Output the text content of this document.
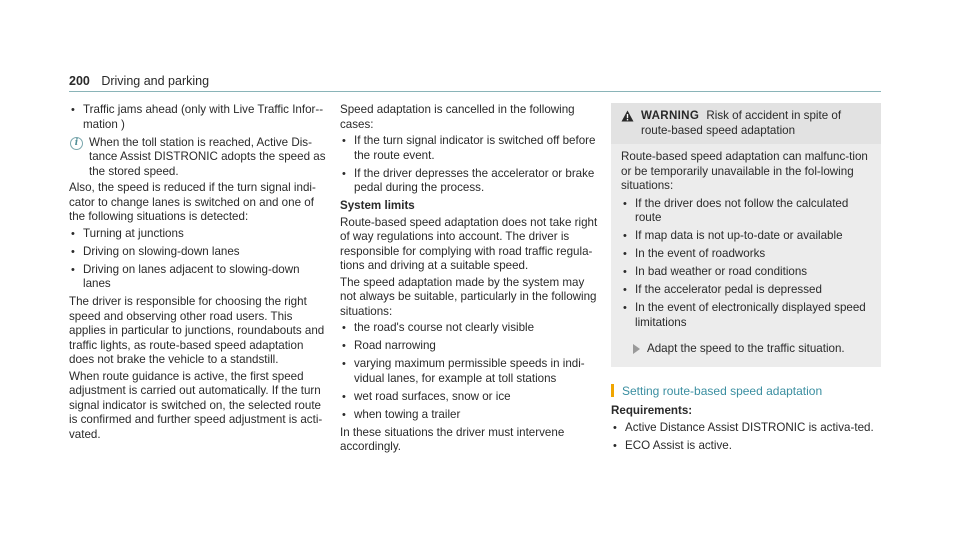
200 Driving and parking
• Traffic jams ahead (only with Live Traffic Infor-mation )
i When the toll station is reached, Active Dis-tance Assist DISTRONIC adopts the speed as the stored speed.

Also, the speed is reduced if the turn signal indi-cator to change lanes is switched on and one of the following situations is detected:

• Turning at junctions
• Driving on slowing-down lanes
• Driving on lanes adjacent to slowing-down lanes

The driver is responsible for choosing the right speed and observing other road users. This applies in particular to junctions, roundabouts and traffic lights, as route-based speed adaptation does not brake the vehicle to a standstill.

When route guidance is active, the first speed adjustment is carried out automatically. If the turn signal indicator is switched on, the selected route is confirmed and further speed adjustment is acti-vated.

Speed adaptation is cancelled in the following cases:

• If the turn signal indicator is switched off before the route event.
• If the driver depresses the accelerator or brake pedal during the process.

System limits

Route-based speed adaptation does not take right of way regulations into account. The driver is responsible for complying with road traffic regula-tions and driving at a suitable speed.

The speed adaptation made by the system may not always be suitable, particularly in the following situations:

• the road's course not clearly visible
• Road narrowing
• varying maximum permissible speeds in indi-vidual lanes, for example at toll stations
• wet road surfaces, snow or ice
• when towing a trailer

In these situations the driver must intervene accordingly.

WARNING Risk of accident in spite of route-based speed adaptation

Route-based speed adaptation can malfunc-tion or be temporarily unavailable in the fol-lowing situations:

• If the driver does not follow the calculated route
• If map data is not up-to-date or available
• In the event of roadworks
• In bad weather or road conditions
• If the accelerator pedal is depressed
• In the event of electronically displayed speed limitations
Adapt the speed to the traffic situation.
Setting route-based speed adaptation

Requirements:

• Active Distance Assist DISTRONIC is activa-ted.
• ECO Assist is active.
